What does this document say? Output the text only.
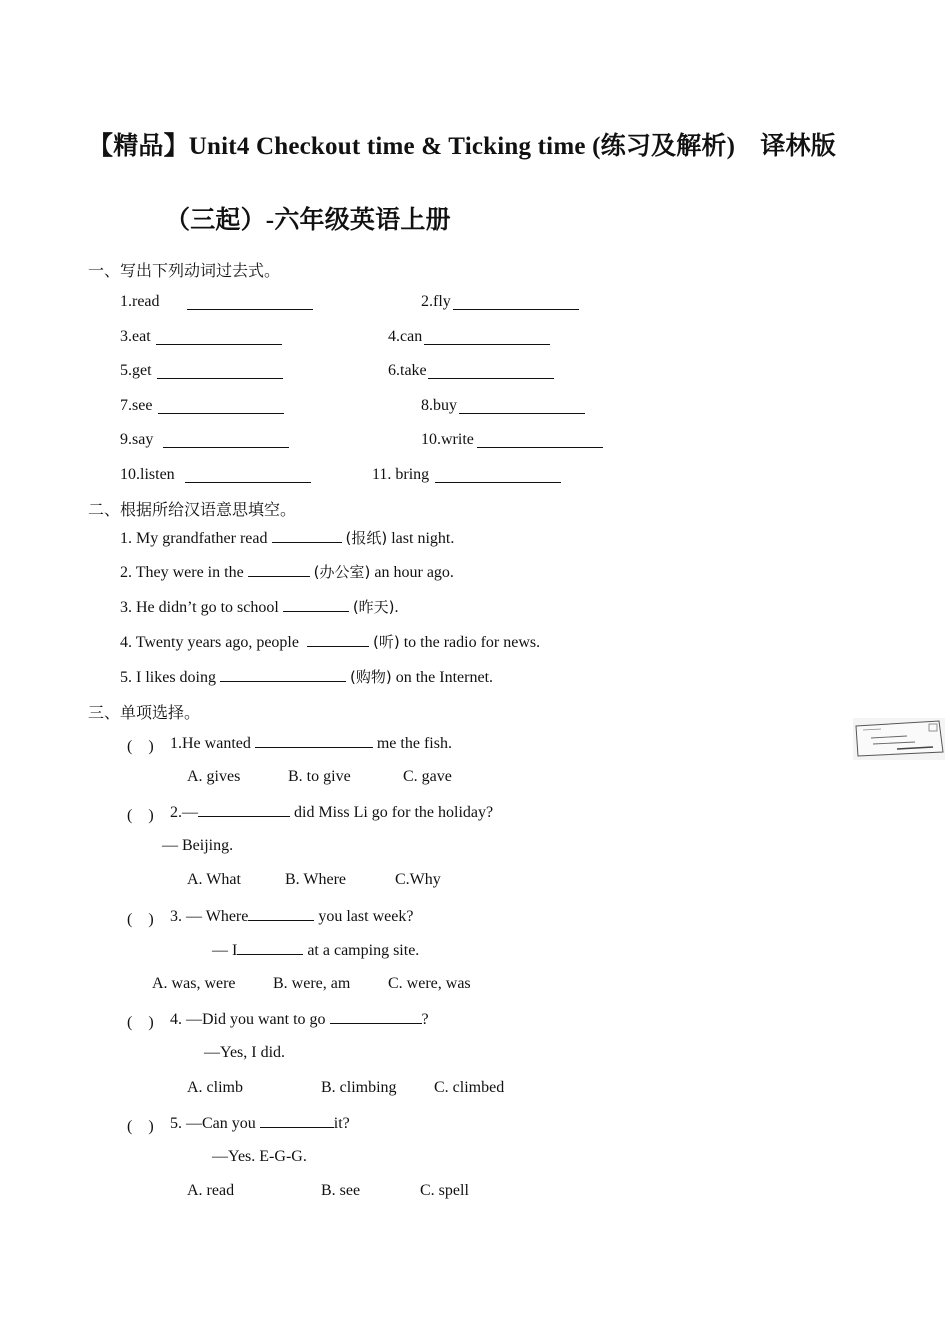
【精品】Unit4 Checkout time & Ticking time (练习及解析)　译林版
（三起）-六年级英语上册
一、写出下列动词过去式。
1.read	2.fly
3.eat	4.can
5.get	6.take
7.see	8.buy
9.say	10.write
10.listen	11. bring
二、根据所给汉语意思填空。
1. My grandfather read	(报纸) last night.
2. They were in the	(办公室) an hour ago.
3. He didn’t go to school	(昨天).
4. Twenty years ago, people	(听) to the radio for news.
5. I likes doing	(购物) on the Internet.
三、单项选择。
(　) 1.He wanted	me the fish.
A. gives	B. to give	C. gave
(　) 2.—	did Miss Li go for the holiday?
— Beijing.
A. What	B. Where	C.Why
(　) 3. — Where	you last week?
— I	at a camping site.
A. was, were B. were, am C. were, was
(　) 4. —Did you want to go	?
—Yes, I did.
A. climb	B. climbing C. climbed
(　) 5. —Can you	it?
—Yes. E-G-G.
A. read	B. see	C. spell
